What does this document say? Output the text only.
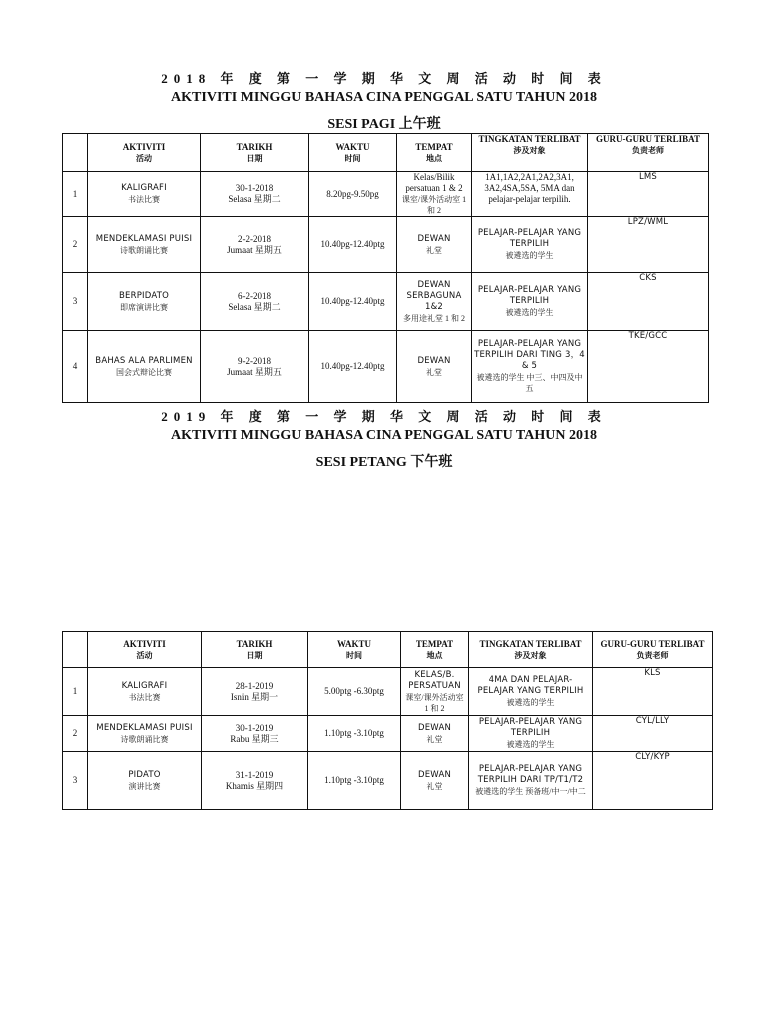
2018 年 度 第 一 学 期 华 文 周 活 动 时 间 表
AKTIVITI MINGGU BAHASA CINA PENGGAL SATU TAHUN 2018
SESI PAGI 上午班

	AKTIVITI
活动	TARIKH
日期	WAKTU
时间	TEMPAT
地点	TINGKATAN TERLIBAT
涉及对象	GURU-GURU TERLIBAT
负责老师

1	KALIGRAFI
书法比赛	30-1-2018
Selasa 星期二	8.20pg-9.50pg	Kelas/Bilik persatuan 1 & 2
课室/课外活动室 1 和 2	1A1,1A2,2A1,2A2,3A1, 3A2,4SA,5SA, 5MA dan pelajar-pelajar terpilih.	LMS

2	MENDEKLAMASI PUISI
诗歌朗诵比赛	2-2-2018
Jumaat 星期五	10.40pg-12.40ptg	DEWAN
礼堂	PELAJAR-PELAJAR YANG TERPILIH
被遴选的学生	LPZ/WML

3	BERPIDATO
即席演讲比赛	6-2-2018
Selasa 星期二	10.40pg-12.40ptg	DEWAN SERBAGUNA 1&2
多用途礼堂 1 和 2	PELAJAR-PELAJAR YANG TERPILIH
被遴选的学生	CKS

4	BAHAS ALA PARLIMEN
国会式辩论比赛	9-2-2018
Jumaat 星期五	10.40pg-12.40ptg	DEWAN
礼堂	PELAJAR-PELAJAR YANG TERPILIH DARI TING 3，4 & 5
被遴选的学生 中三、中四及中五	TKE/GCC
2019 年 度 第 一 学 期 华 文 周 活 动 时 间 表
AKTIVITI MINGGU BAHASA CINA PENGGAL SATU TAHUN 2018
SESI PETANG 下午班

	AKTIVITI
活动	TARIKH
日期	WAKTU
时间	TEMPAT
地点	TINGKATAN TERLIBAT
涉及对象	GURU-GURU TERLIBAT
负责老师

1	KALIGRAFI
书法比赛	28-1-2019
Isnin 星期一	5.00ptg -6.30ptg	KELAS/B. PERSATUAN
课室/课外活动室 1 和 2	4MA DAN PELAJAR-PELAJAR YANG TERPILIH
被遴选的学生	KLS

2	MENDEKLAMASI PUISI
诗歌朗诵比赛	30-1-2019
Rabu 星期三	1.10ptg -3.10ptg	DEWAN
礼堂	PELAJAR-PELAJAR YANG TERPILIH
被遴选的学生	CYL/LLY

3	PIDATO
演讲比赛	31-1-2019
Khamis 星期四	1.10ptg -3.10ptg	DEWAN
礼堂	PELAJAR-PELAJAR YANG TERPILIH DARI TP/T1/T2
被遴选的学生 预备班/中一/中二	CLY/KYP
